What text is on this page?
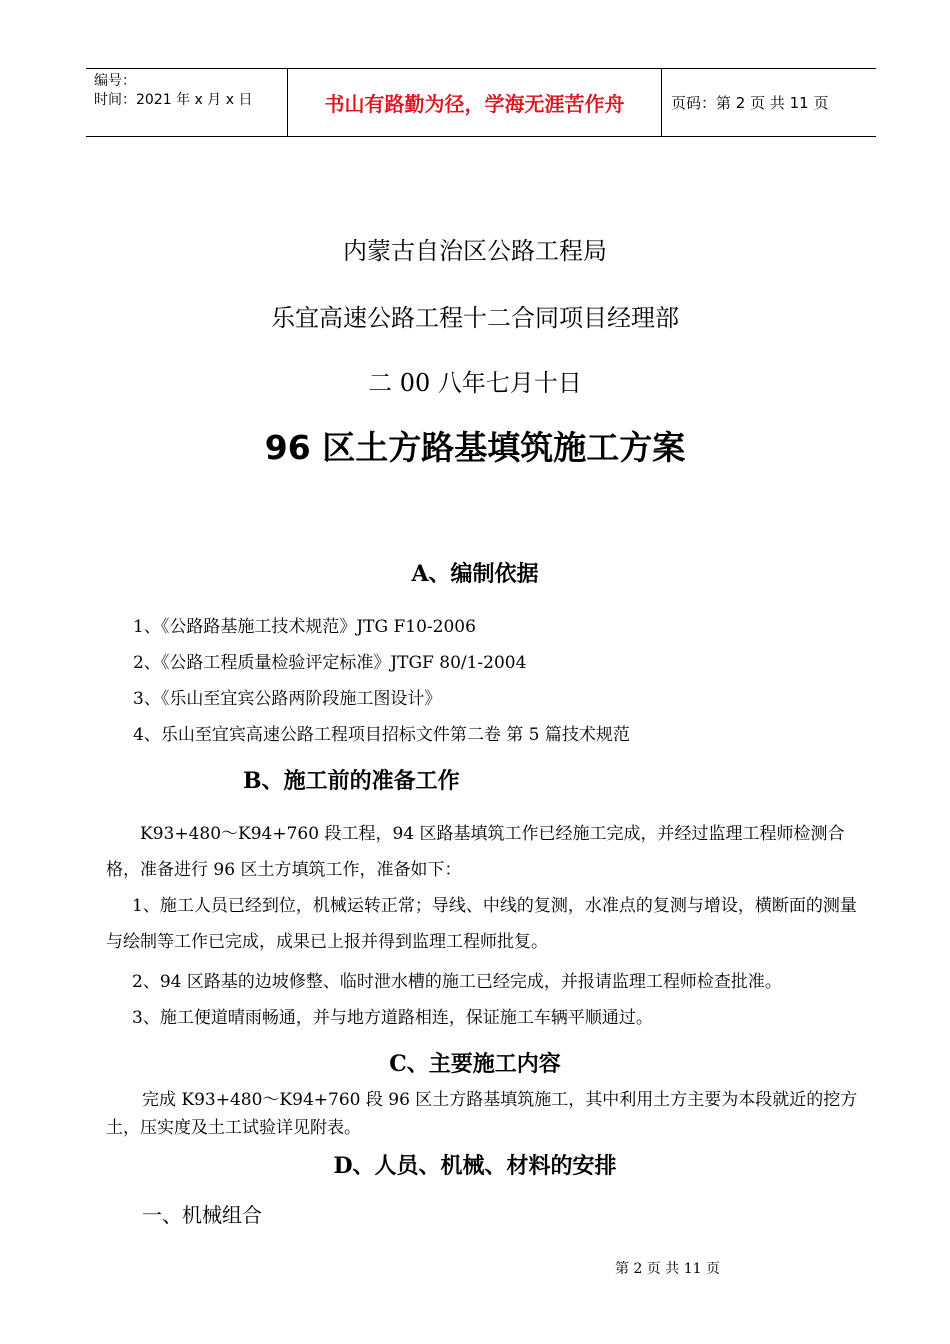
编号：
时间：2021 年 x 月 x 日	书山有路勤为径，学海无涯苦作舟	页码：第 2 页 共 11 页
内蒙古自治区公路工程局
乐宜高速公路工程十二合同项目经理部
二 00 八年七月十日
96 区土方路基填筑施工方案
A、编制依据
1、《公路路基施工技术规范》JTG F10-2006
2、《公路工程质量检验评定标准》JTGF 80/1-2004
3、《乐山至宜宾公路两阶段施工图设计》
4、乐山至宜宾高速公路工程项目招标文件第二卷 第 5 篇技术规范
B、施工前的准备工作
K93+480～K94+760 段工程，94 区路基填筑工作已经施工完成，并经过监理工程师检测合格，准备进行 96 区土方填筑工作，准备如下：
1、施工人员已经到位，机械运转正常；导线、中线的复测，水准点的复测与增设，横断面的测量与绘制等工作已完成，成果已上报并得到监理工程师批复。
2、94 区路基的边坡修整、临时泄水槽的施工已经完成，并报请监理工程师检查批准。
3、施工便道晴雨畅通，并与地方道路相连，保证施工车辆平顺通过。
C、主要施工内容
完成 K93+480～K94+760 段 96 区土方路基填筑施工，其中利用土方主要为本段就近的挖方土，压实度及土工试验详见附表。
D、人员、机械、材料的安排
一、机械组合
第 2 页 共 11 页
